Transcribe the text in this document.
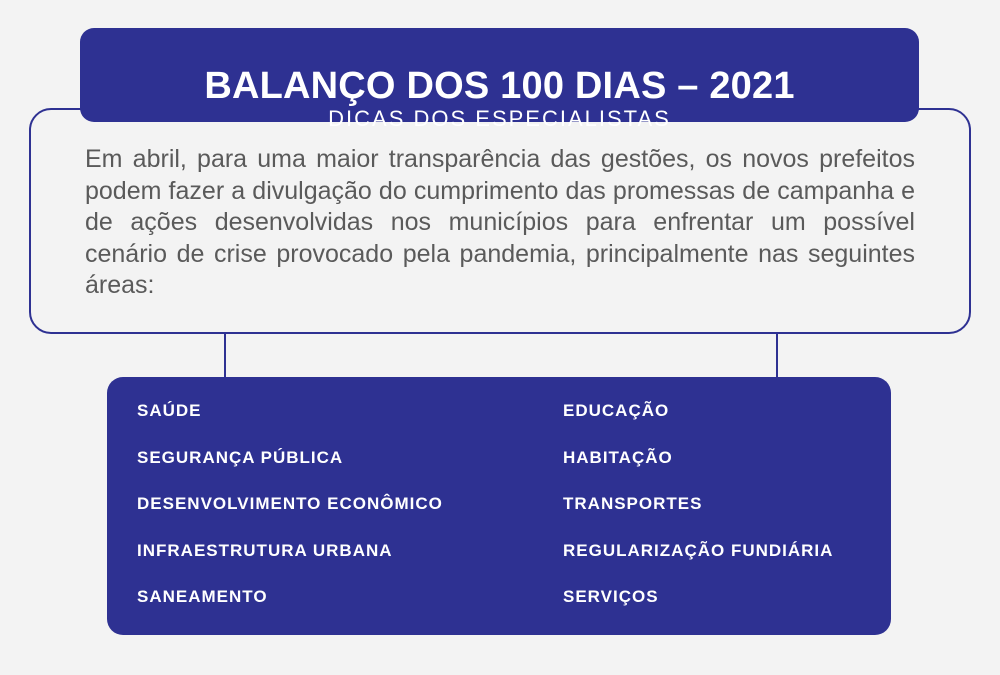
BALANÇO DOS 100 DIAS – 2021
DICAS DOS ESPECIALISTAS

Em abril, para uma maior transparência das gestões, os novos prefeitos podem fazer a divulgação do cumprimento das promessas de campanha e de ações desenvolvidas nos municípios para enfrentar um possível cenário de crise provocado pela pandemia, principalmente nas seguintes áreas:

SAÚDE
SEGURANÇA PÚBLICA
DESENVOLVIMENTO ECONÔMICO
INFRAESTRUTURA URBANA
SANEAMENTO
EDUCAÇÃO
HABITAÇÃO
TRANSPORTES
REGULARIZAÇÃO FUNDIÁRIA
SERVIÇOS
